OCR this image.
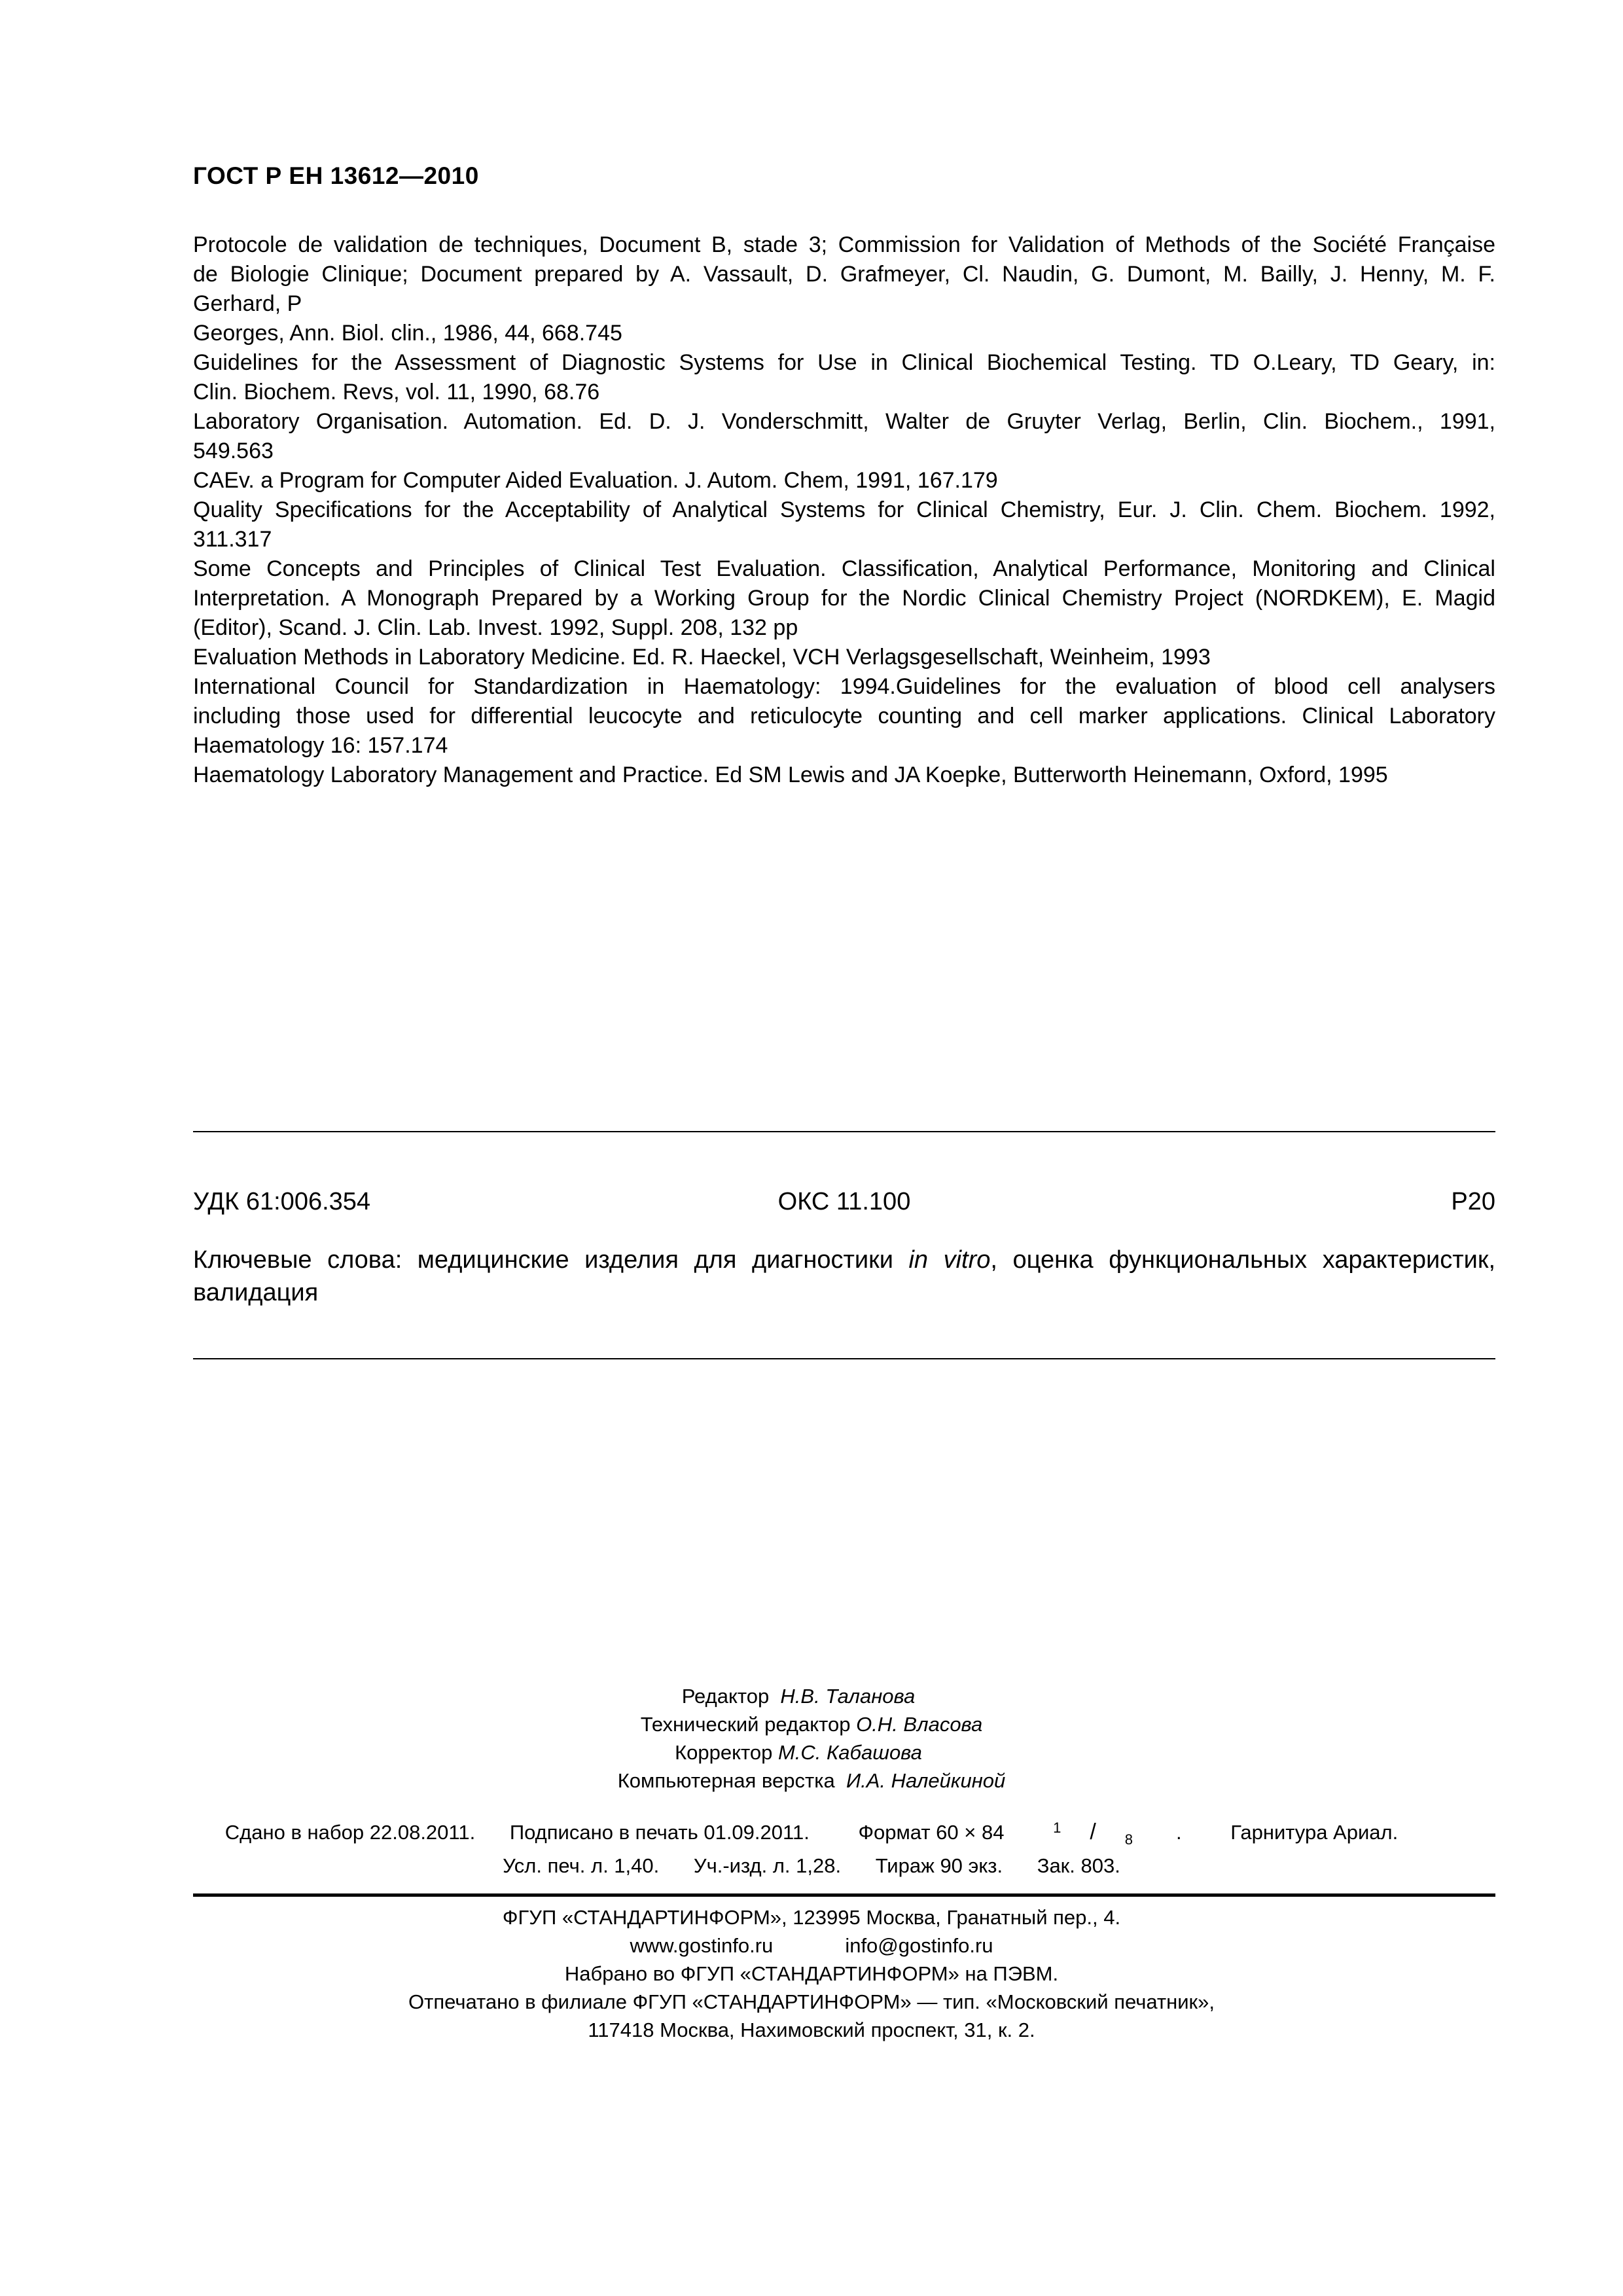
ГОСТ Р ЕН 13612—2010
Protocole de validation de techniques, Document B, stade 3; Commission for Validation of Methods of the Société Française
de Biologie Clinique; Document prepared by A. Vassault, D. Grafmeyer, Cl. Naudin, G. Dumont, M. Bailly, J. Henny, M. F.
Gerhard, P
Georges, Ann. Biol. clin., 1986, 44, 668.745
Guidelines for the Assessment of Diagnostic Systems for Use in Clinical Biochemical Testing. TD O.Leary, TD Geary, in:
Clin. Biochem. Revs, vol. 11, 1990, 68.76
Laboratory Organisation. Automation. Ed. D. J. Vonderschmitt, Walter de Gruyter Verlag, Berlin, Clin. Biochem., 1991,
549.563
CAEv. a Program for Computer Aided Evaluation. J. Autom. Chem, 1991, 167.179
Quality Specifications for the Acceptability of Analytical Systems for Clinical Chemistry, Eur. J. Clin. Chem. Biochem. 1992,
311.317
Some Concepts and Principles of Clinical Test Evaluation. Classification, Analytical Performance, Monitoring and Clinical
Interpretation. A Monograph Prepared by a Working Group for the Nordic Clinical Chemistry Project (NORDKEM), E. Magid
(Editor), Scand. J. Clin. Lab. Invest. 1992, Suppl. 208, 132 pp
Evaluation Methods in Laboratory Medicine. Ed. R. Haeckel, VCH Verlagsgesellschaft, Weinheim, 1993
International Council for Standardization in Haematology: 1994.Guidelines for the evaluation of blood cell analysers
including those used for differential leucocyte and reticulocyte counting and cell marker applications. Clinical Laboratory
Haematology 16: 157.174
Haematology Laboratory Management and Practice. Ed SM Lewis and JA Koepke, Butterworth Heinemann, Oxford, 1995
УДК 61:006.354	ОКС 11.100	Р20
Ключевые слова: медицинские изделия для диагностики in vitro, оценка функциональных характеристик,
валидация
Редактор Н.В. Таланова
Технический редактор О.Н. Власова
Корректор М.С. Кабашова
Компьютерная верстка И.А. Налейкиной
Сдано в набор 22.08.2011. Подписано в печать 01.09.2011. Формат 60 × 84	1 / 8 . Гарнитура Ариал.
Усл. печ. л. 1,40. Уч.-изд. л. 1,28. Тираж 90 экз. Зак. 803.
ФГУП «СТАНДАРТИНФОРМ», 123995 Москва, Гранатный пер., 4.
www.gostinfo.ru	info@gostinfo.ru
Набрано во ФГУП «СТАНДАРТИНФОРМ» на ПЭВМ.
Отпечатано в филиале ФГУП «СТАНДАРТИНФОРМ» — тип. «Московский печатник»,
117418 Москва, Нахимовский проспект, 31, к. 2.
